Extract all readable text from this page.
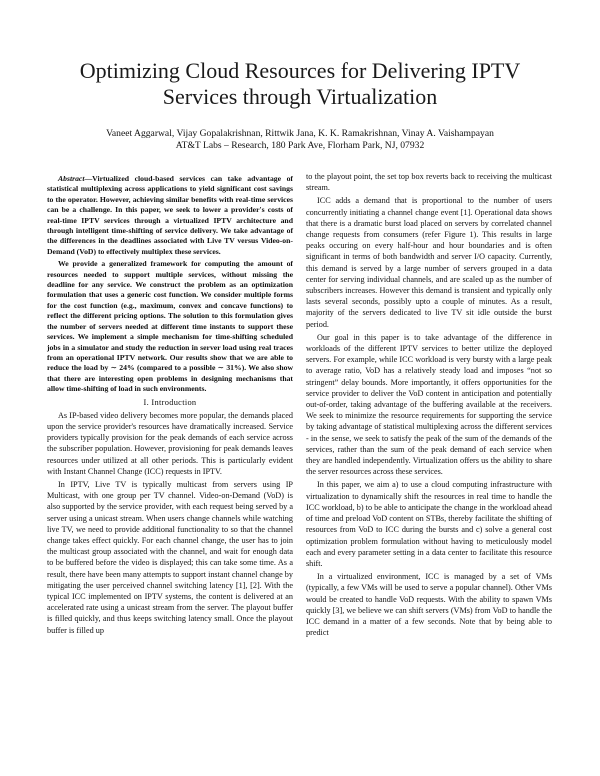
Optimizing Cloud Resources for Delivering IPTV Services through Virtualization
Vaneet Aggarwal, Vijay Gopalakrishnan, Rittwik Jana, K. K. Ramakrishnan, Vinay A. Vaishampayan
AT&T Labs – Research, 180 Park Ave, Florham Park, NJ, 07932

Abstract—Virtualized cloud-based services can take advantage of statistical multiplexing across applications to yield significant cost savings to the operator. However, achieving similar benefits with real-time services can be a challenge. In this paper, we seek to lower a provider's costs of real-time IPTV services through a virtualized IPTV architecture and through intelligent time-shifting of service delivery. We take advantage of the differences in the deadlines associated with Live TV versus Video-on-Demand (VoD) to effectively multiplex these services.

We provide a generalized framework for computing the amount of resources needed to support multiple services, without missing the deadline for any service. We construct the problem as an optimization formulation that uses a generic cost function. We consider multiple forms for the cost function (e.g., maximum, convex and concave functions) to reflect the different pricing options. The solution to this formulation gives the number of servers needed at different time instants to support these services. We implement a simple mechanism for time-shifting scheduled jobs in a simulator and study the reduction in server load using real traces from an operational IPTV network. Our results show that we are able to reduce the load by ∼ 24% (compared to a possible ∼ 31%). We also show that there are interesting open problems in designing mechanisms that allow time-shifting of load in such environments.

I. Introduction

As IP-based video delivery becomes more popular, the demands placed upon the service provider's resources have dramatically increased. Service providers typically provision for the peak demands of each service across the subscriber population. However, provisioning for peak demands leaves resources under utilized at all other periods. This is particularly evident with Instant Channel Change (ICC) requests in IPTV.

In IPTV, Live TV is typically multicast from servers using IP Multicast, with one group per TV channel. Video-on-Demand (VoD) is also supported by the service provider, with each request being served by a server using a unicast stream. When users change channels while watching live TV, we need to provide additional functionality to so that the channel change takes effect quickly. For each channel change, the user has to join the multicast group associated with the channel, and wait for enough data to be buffered before the video is displayed; this can take some time. As a result, there have been many attempts to support instant channel change by mitigating the user perceived channel switching latency [1], [2]. With the typical ICC implemented on IPTV systems, the content is delivered at an accelerated rate using a unicast stream from the server. The playout buffer is filled quickly, and thus keeps switching latency small. Once the playout buffer is filled up

to the playout point, the set top box reverts back to receiving the multicast stream.

ICC adds a demand that is proportional to the number of users concurrently initiating a channel change event [1]. Operational data shows that there is a dramatic burst load placed on servers by correlated channel change requests from consumers (refer Figure 1). This results in large peaks occuring on every half-hour and hour boundaries and is often significant in terms of both bandwidth and server I/O capacity. Currently, this demand is served by a large number of servers grouped in a data center for serving individual channels, and are scaled up as the number of subscribers increases. However this demand is transient and typically only lasts several seconds, possibly upto a couple of minutes. As a result, majority of the servers dedicated to live TV sit idle outside the burst period.

Our goal in this paper is to take advantage of the difference in workloads of the different IPTV services to better utilize the deployed servers. For example, while ICC workload is very bursty with a large peak to average ratio, VoD has a relatively steady load and imposes “not so stringent” delay bounds. More importantly, it offers opportunities for the service provider to deliver the VoD content in anticipation and potentially out-of-order, taking advantage of the buffering available at the receivers. We seek to minimize the resource requirements for supporting the service by taking advantage of statistical multiplexing across the different services - in the sense, we seek to satisfy the peak of the sum of the demands of the services, rather than the sum of the peak demand of each service when they are handled independently. Virtualization offers us the ability to share the server resources across these services.

In this paper, we aim a) to use a cloud computing infrastructure with virtualization to dynamically shift the resources in real time to handle the ICC workload, b) to be able to anticipate the change in the workload ahead of time and preload VoD content on STBs, thereby facilitate the shifting of resources from VoD to ICC during the bursts and c) solve a general cost optimization problem formulation without having to meticulously model each and every parameter setting in a data center to facilitate this resource shift.

In a virtualized environment, ICC is managed by a set of VMs (typically, a few VMs will be used to serve a popular channel). Other VMs would be created to handle VoD requests. With the ability to spawn VMs quickly [3], we believe we can shift servers (VMs) from VoD to handle the ICC demand in a matter of a few seconds. Note that by being able to predict
